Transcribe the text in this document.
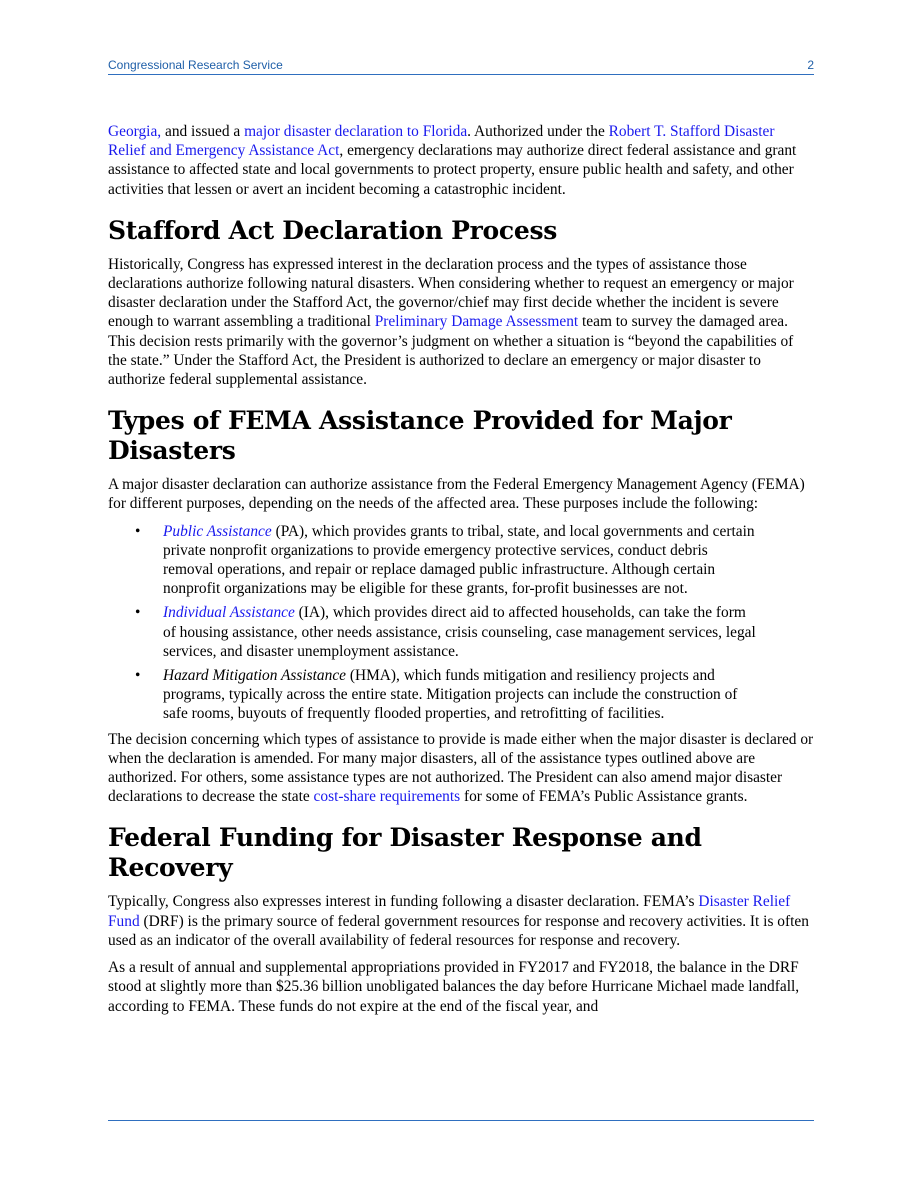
Congressional Research Service	2

Georgia, and issued a major disaster declaration to Florida. Authorized under the Robert T. Stafford Disaster Relief and Emergency Assistance Act, emergency declarations may authorize direct federal assistance and grant assistance to affected state and local governments to protect property, ensure public health and safety, and other activities that lessen or avert an incident becoming a catastrophic incident.

Stafford Act Declaration Process

Historically, Congress has expressed interest in the declaration process and the types of assistance those declarations authorize following natural disasters. When considering whether to request an emergency or major disaster declaration under the Stafford Act, the governor/chief may first decide whether the incident is severe enough to warrant assembling a traditional Preliminary Damage Assessment team to survey the damaged area. This decision rests primarily with the governor’s judgment on whether a situation is “beyond the capabilities of the state.” Under the Stafford Act, the President is authorized to declare an emergency or major disaster to authorize federal supplemental assistance.

Types of FEMA Assistance Provided for Major Disasters

A major disaster declaration can authorize assistance from the Federal Emergency Management Agency (FEMA) for different purposes, depending on the needs of the affected area. These purposes include the following:

• Public Assistance (PA), which provides grants to tribal, state, and local governments and certain private nonprofit organizations to provide emergency protective services, conduct debris removal operations, and repair or replace damaged public infrastructure. Although certain nonprofit organizations may be eligible for these grants, for-profit businesses are not.
• Individual Assistance (IA), which provides direct aid to affected households, can take the form of housing assistance, other needs assistance, crisis counseling, case management services, legal services, and disaster unemployment assistance.
• Hazard Mitigation Assistance (HMA), which funds mitigation and resiliency projects and programs, typically across the entire state. Mitigation projects can include the construction of safe rooms, buyouts of frequently flooded properties, and retrofitting of facilities.

The decision concerning which types of assistance to provide is made either when the major disaster is declared or when the declaration is amended. For many major disasters, all of the assistance types outlined above are authorized. For others, some assistance types are not authorized. The President can also amend major disaster declarations to decrease the state cost-share requirements for some of FEMA’s Public Assistance grants.

Federal Funding for Disaster Response and Recovery

Typically, Congress also expresses interest in funding following a disaster declaration. FEMA’s Disaster Relief Fund (DRF) is the primary source of federal government resources for response and recovery activities. It is often used as an indicator of the overall availability of federal resources for response and recovery.

As a result of annual and supplemental appropriations provided in FY2017 and FY2018, the balance in the DRF stood at slightly more than $25.36 billion unobligated balances the day before Hurricane Michael made landfall, according to FEMA. These funds do not expire at the end of the fiscal year, and
